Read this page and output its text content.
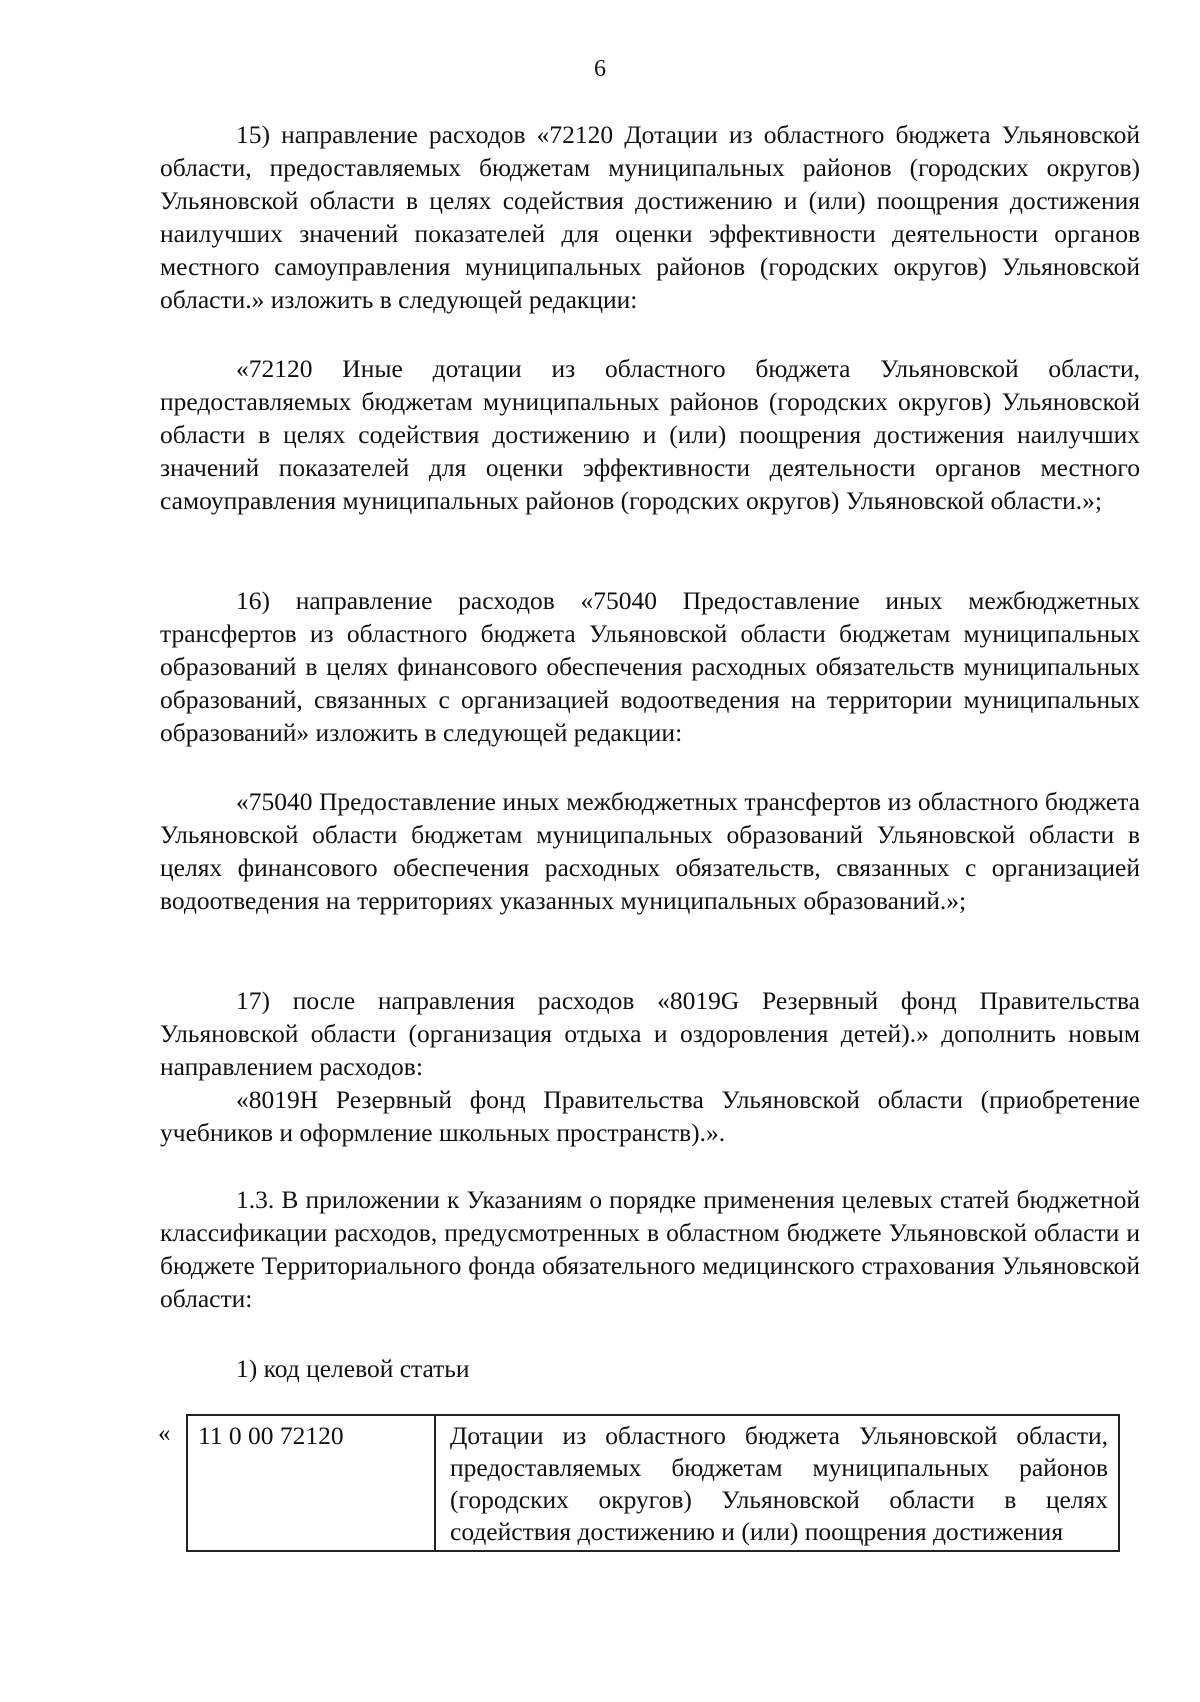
6

15) направление расходов «72120 Дотации из областного бюджета Ульяновской области, предоставляемых бюджетам муниципальных районов (городских округов) Ульяновской области в целях содействия достижению и (или) поощрения достижения наилучших значений показателей для оценки эффективности деятельности органов местного самоуправления муниципальных районов (городских округов) Ульяновской области.» изложить в следующей редакции:

«72120 Иные дотации из областного бюджета Ульяновской области, предоставляемых бюджетам муниципальных районов (городских округов) Ульяновской области в целях содействия достижению и (или) поощрения достижения наилучших значений показателей для оценки эффективности деятельности органов местного самоуправления муниципальных районов (городских округов) Ульяновской области.»;

16) направление расходов «75040 Предоставление иных межбюджетных трансфертов из областного бюджета Ульяновской области бюджетам муниципальных образований в целях финансового обеспечения расходных обязательств муниципальных образований, связанных с организацией водоотведения на территории муниципальных образований» изложить в следующей редакции:

«75040 Предоставление иных межбюджетных трансфертов из областного бюджета Ульяновской области бюджетам муниципальных образований Ульяновской области в целях финансового обеспечения расходных обязательств, связанных с организацией водоотведения на территориях указанных муниципальных образований.»;

17) после направления расходов «8019G Резервный фонд Правительства Ульяновской области (организация отдыха и оздоровления детей).» дополнить новым направлением расходов:

«8019H Резервный фонд Правительства Ульяновской области (приобретение учебников и оформление школьных пространств).».

1.3. В приложении к Указаниям о порядке применения целевых статей бюджетной классификации расходов, предусмотренных в областном бюджете Ульяновской области и бюджете Территориального фонда обязательного медицинского страхования Ульяновской области:

1) код целевой статьи

« 11 0 00 72120	Дотации из областного бюджета Ульяновской области, предоставляемых бюджетам муниципальных районов (городских округов) Ульяновской области в целях содействия достижению и (или) поощрения достижения
